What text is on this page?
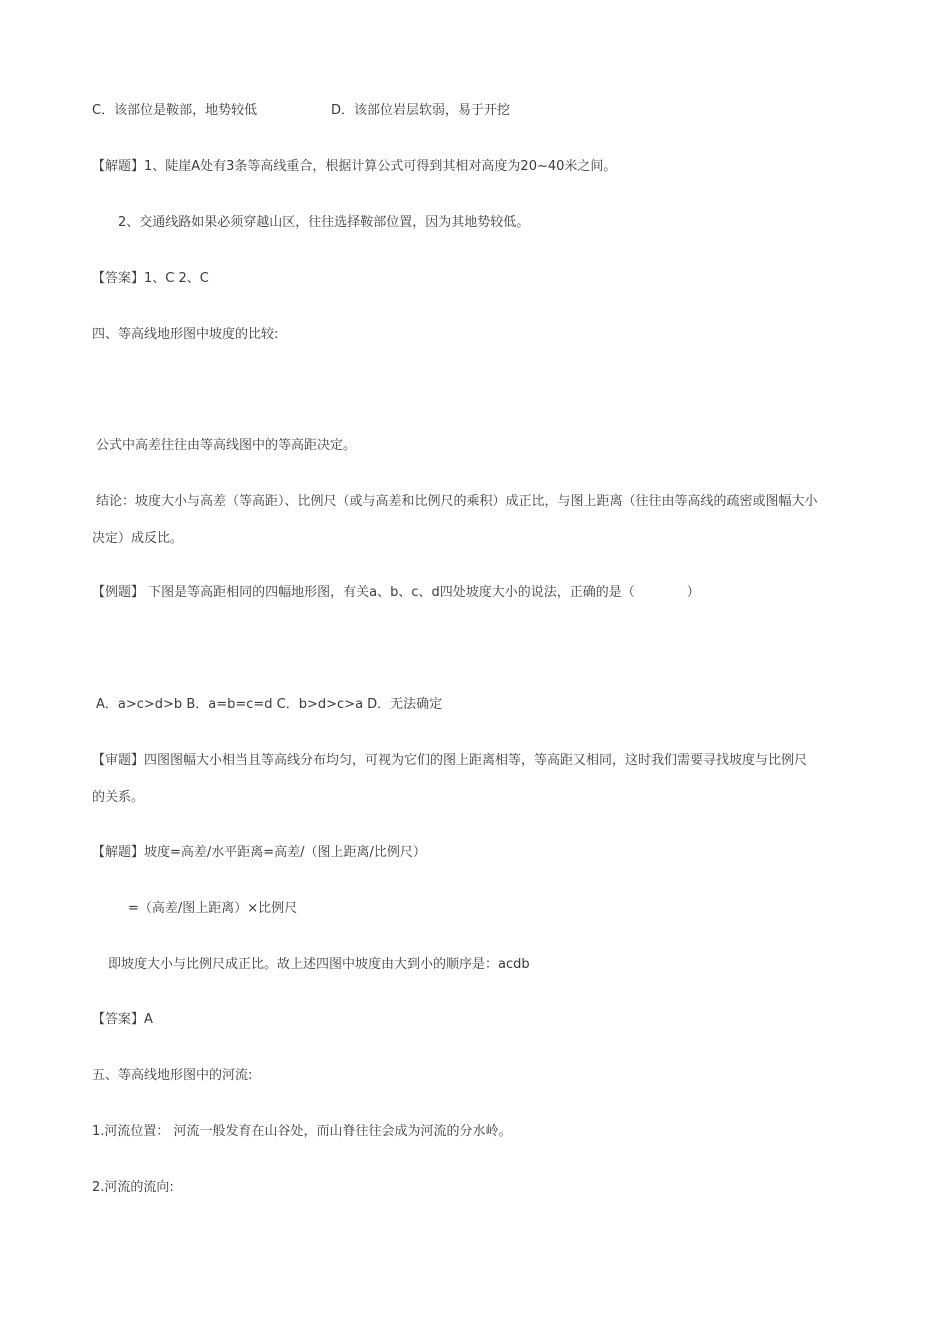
C．该部位是鞍部，地势较低	D．该部位岩层软弱，易于开挖
【解题】1、陡崖A处有3条等高线重合，根据计算公式可得到其相对高度为20~40米之间。
2、交通线路如果必须穿越山区，往往选择鞍部位置，因为其地势较低。
【答案】1、C 2、C
四、等高线地形图中坡度的比较:
公式中高差往往由等高线图中的等高距决定。
结论：坡度大小与高差（等高距）、比例尺（或与高差和比例尺的乘积）成正比，与图上距离（往往由等高线的疏密或图幅大小
决定）成反比。
【例题】 下图是等高距相同的四幅地形图，有关a、b、c、d四处坡度大小的说法，正确的是（	）
A．a>c>d>b B．a=b=c=d C．b>d>c>a D．无法确定
【审题】四图图幅大小相当且等高线分布均匀，可视为它们的图上距离相等，等高距又相同，这时我们需要寻找坡度与比例尺
的关系。
【解题】坡度=高差/水平距离=高差/（图上距离/比例尺）
=（高差/图上距离）×比例尺
即坡度大小与比例尺成正比。故上述四图中坡度由大到小的顺序是：acdb
【答案】A
五、等高线地形图中的河流:
1.河流位置： 河流一般发育在山谷处，而山脊往往会成为河流的分水岭。
2.河流的流向:
